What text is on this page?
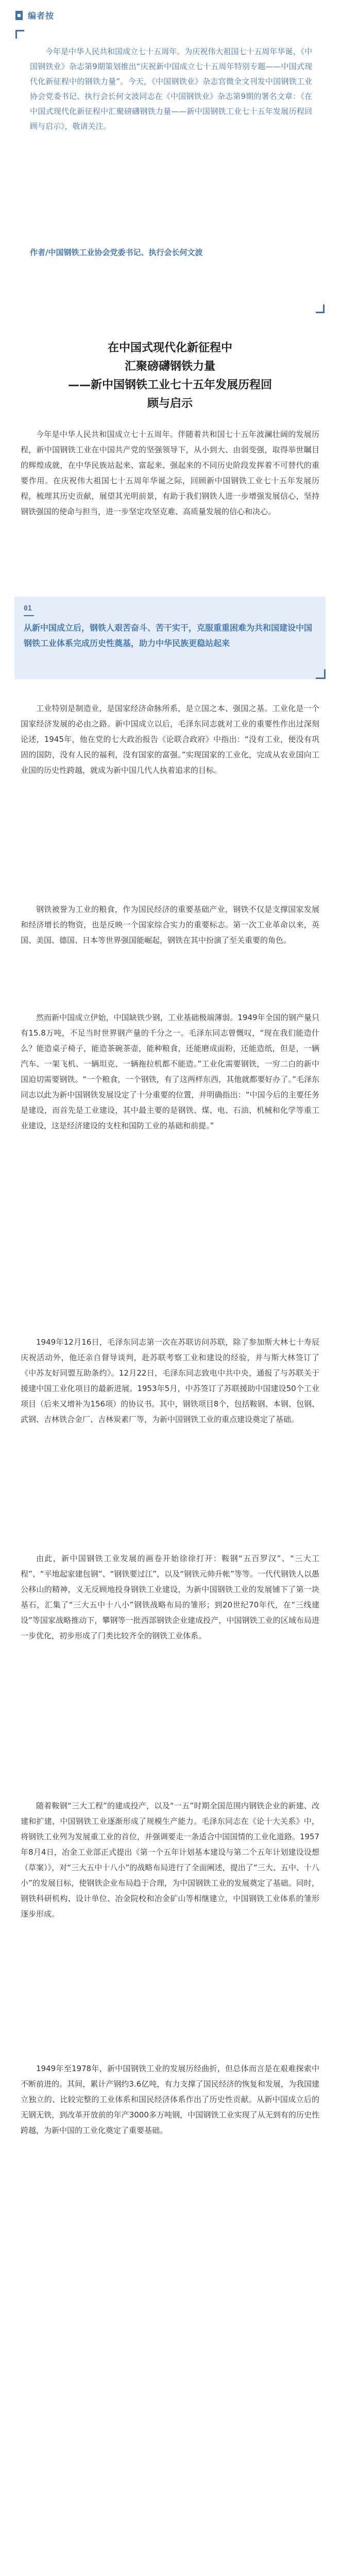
编者按
今年是中华人民共和国成立七十五周年。为庆祝伟大祖国七十五周年华诞，《中国钢铁业》杂志第9期策划推出“庆祝新中国成立七十五周年特别专题——中国式现代化新征程中的钢铁力量”。今天，《中国钢铁业》杂志官微全文刊发中国钢铁工业协会党委书记、执行会长何文波同志在《中国钢铁业》杂志第9期的署名文章：《在中国式现代化新征程中汇聚磅礴钢铁力量——新中国钢铁工业七十五年发展历程回顾与启示》，敬请关注。
作者/中国钢铁工业协会党委书记、执行会长何文波
在中国式现代化新征程中
汇聚磅礴钢铁力量
——新中国钢铁工业七十五年发展历程回
顾与启示
今年是中华人民共和国成立七十五周年。伴随着共和国七十五年波澜壮阔的发展历程，新中国钢铁工业在中国共产党的坚强领导下，从小到大、由弱变强，取得举世瞩目的辉煌成就，在中华民族站起来、富起来、强起来的不同历史阶段发挥着不可替代的重要作用。在庆祝伟大祖国七十五周年华诞之际，回顾新中国钢铁工业七十五年发展历程，梳理其历史贡献，展望其光明前景，有助于我们钢铁人进一步增强发展信心，坚持钢铁强国的使命与担当，进一步坚定攻坚克难、高质量发展的信心和决心。
01
从新中国成立后，钢铁人艰苦奋斗、苦干实干，克服重重困难为共和国建设中国钢铁工业体系完成历史性奠基，助力中华民族更稳站起来
工业特别是制造业，是国家经济命脉所系，是立国之本、强国之基。工业化是一个国家经济发展的必由之路。新中国成立以后，毛泽东同志就对工业的重要性作出过深刻论述，1945年，他在党的七大政治报告《论联合政府》中指出：“没有工业，便没有巩固的国防，没有人民的福利，没有国家的富强。”实现国家的工业化，完成从农业国向工业国的历史性跨越，就成为新中国几代人执着追求的目标。
钢铁被誉为工业的粮食，作为国民经济的重要基础产业，钢铁不仅是支撑国家发展和经济增长的物资，也是反映一个国家综合实力的重要标志。第一次工业革命以来，英国、美国、德国、日本等世界强国能崛起，钢铁在其中扮演了至关重要的角色。
然而新中国成立伊始，中国缺铁少钢，工业基础极端薄弱。1949年全国的钢产量只有15.8万吨，不足当时世界钢产量的千分之一。毛泽东同志曾慨叹，“现在我们能造什么？能造桌子椅子，能造茶碗茶壶，能种粮食，还能磨成面粉，还能造纸，但是，一辆汽车、一架飞机、一辆坦克、一辆拖拉机都不能造。”工业化需要钢铁，一穷二白的新中国迫切需要钢铁。“一个粮食，一个钢铁，有了这两样东西，其他就都要好办了。”毛泽东同志以此为新中国钢铁发展设定了十分重要的位置，并明确指出：“中国今后的主要任务是建设，而首先是工业建设，其中最主要的是钢铁、煤、电、石油、机械和化学等重工业建设，这是经济建设的支柱和国防工业的基础和前提。”
1949年12月16日，毛泽东同志第一次在苏联访问苏联，除了参加斯大林七十寿辰庆祝活动外，他还亲自督导谈判，赴苏联考察工业和建设的经验，并与斯大林签订了《中苏友好同盟互助条约》。12月22日，毛泽东同志致电中共中央，通报了与苏联关于援建中国工业化项目的最新进展。1953年5月，中苏签订了苏联援助中国建设50个工业项目（后来又增补为156项）的协议书。其中，钢铁项目8个，包括鞍钢、本钢、包钢、武钢、吉林铁合金厂、吉林炭素厂等，为新中国钢铁工业的重点建设奠定了基础。
由此，新中国钢铁工业发展的画卷开始徐徐打开：鞍钢“五百罗汉”、“三大工程”、“平地起家建包钢”、“钢铁要过江”，以及“钢铁元帅升帐”等等。一代代钢铁人以愚公移山的精神，义无反顾地投身钢铁工业建设，为新中国钢铁工业的发展铺下了第一块基石，汇集了“三大五中十八小”钢铁战略布局的雏形；到20世纪70年代，在“三线建设”等国家战略推动下，攀钢等一批西部钢铁企业建成投产，中国钢铁工业的区域布局进一步优化，初步形成了门类比较齐全的钢铁工业体系。
随着鞍钢“三大工程”的建成投产，以及“一五”时期全国范围内钢铁企业的新建、改建和扩建，中国钢铁工业逐渐形成了规模生产能力。毛泽东同志在《论十大关系》中，将钢铁工业列为发展重工业的首位，并强调要走一条适合中国国情的工业化道路。1957年8月4日，冶金工业部正式提出《第一个五年计划基本建设与第二个五年计划建设设想（草案）》，对“三大五中十八小”的战略布局进行了全面阐述，提出了“三大、五中、十八小”的发展目标，使钢铁企业布局趋于合理，为中国钢铁工业的发展奠定了基础。同时，钢铁科研机构、设计单位、冶金院校和冶金矿山等相继建立，中国钢铁工业体系的雏形逐步形成。
1949年至1978年，新中国钢铁工业的发展历经曲折，但总体而言是在艰难探索中不断前进的。其间，累计产钢约3.6亿吨，有力支撑了国民经济的恢复和发展，为我国建立独立的、比较完整的工业体系和国民经济体系作出了历史性贡献。从新中国成立后的无钢无铁，到改革开放前的年产3000多万吨钢，中国钢铁工业实现了从无到有的历史性跨越，为新中国的工业化奠定了重要基础。
